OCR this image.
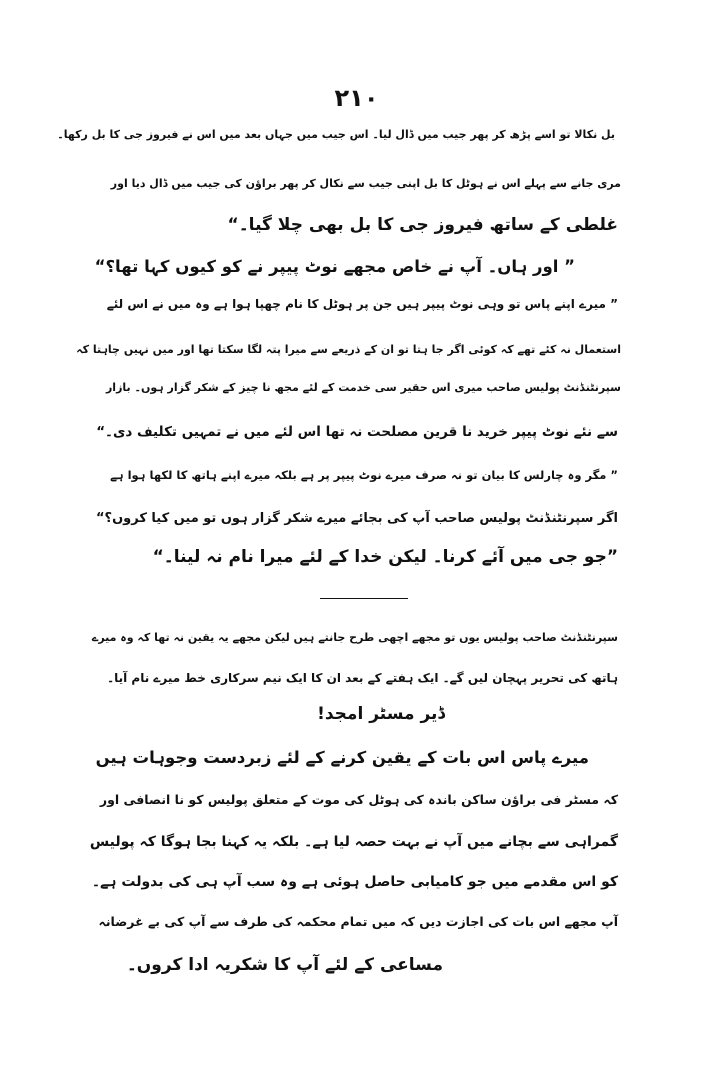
۲۱۰
بل نکالا تو اسے پڑھ کر پھر جیب میں ڈال لیا۔ اس جیب میں جہاں بعد میں اس نے فیروز جی کا بل رکھا۔
مری جانے سے پہلے اس نے ہوٹل کا بل اپنی جیب سے نکال کر پھر براؤن کی جیب میں ڈال دیا اور
غلطی کے ساتھ فیروز جی کا بل بھی چلا گیا۔“
” اور ہاں۔ آپ نے خاص مجھے نوٹ پیپر نے کو کیوں کہا تھا؟“
” میرے اپنے پاس تو وہی نوٹ پیپر ہیں جن پر ہوٹل کا نام چھپا ہوا ہے وہ میں نے اس لئے
استعمال نہ کئے تھے کہ کوئی اگر جا ہتا تو ان کے ذریعے سے میرا پتہ لگا سکتا تھا اور میں نہیں چاہتا کہ
سپرنٹنڈنٹ پولیس صاحب میری اس حقیر سی خدمت کے لئے مجھ نا چیز کے شکر گزار ہوں۔ بازار
سے نئے نوٹ پیپر خرید نا قرین مصلحت نہ تھا اس لئے میں نے تمہیں تکلیف دی۔“
” مگر وہ چارلس کا بیان تو نہ صرف میرے نوٹ پیپر پر ہے بلکہ میرے اپنے ہاتھ کا لکھا ہوا ہے
اگر سپرنٹنڈنٹ پولیس صاحب آپ کی بجائے میرے شکر گزار ہوں تو میں کیا کروں؟“
”جو جی میں آئے کرنا۔ لیکن خدا کے لئے میرا نام نہ لینا۔“
سپرنٹنڈنٹ صاحب پولیس یوں تو مجھے اچھی طرح جانتے ہیں لیکن مجھے یہ یقین نہ تھا کہ وہ میرے
ہاتھ کی تحریر پہچان لیں گے۔ ایک ہفتے کے بعد ان کا ایک نیم سرکاری خط میرے نام آیا۔
ڈیر مسٹر امجد!
میرے پاس اس بات کے یقین کرنے کے لئے زبردست وجوہات ہیں
کہ مسٹر فی براؤن ساکن باندہ کی ہوٹل کی موت کے متعلق پولیس کو نا انصافی اور
گمراہی سے بچانے میں آپ نے بہت حصہ لیا ہے۔ بلکہ یہ کہنا بجا ہوگا کہ پولیس
کو اس مقدمے میں جو کامیابی حاصل ہوئی ہے وہ سب آپ ہی کی بدولت ہے۔
آپ مجھے اس بات کی اجازت دیں کہ میں تمام محکمہ کی طرف سے آپ کی بے غرضانہ
مساعی کے لئے آپ کا شکریہ ادا کروں۔
